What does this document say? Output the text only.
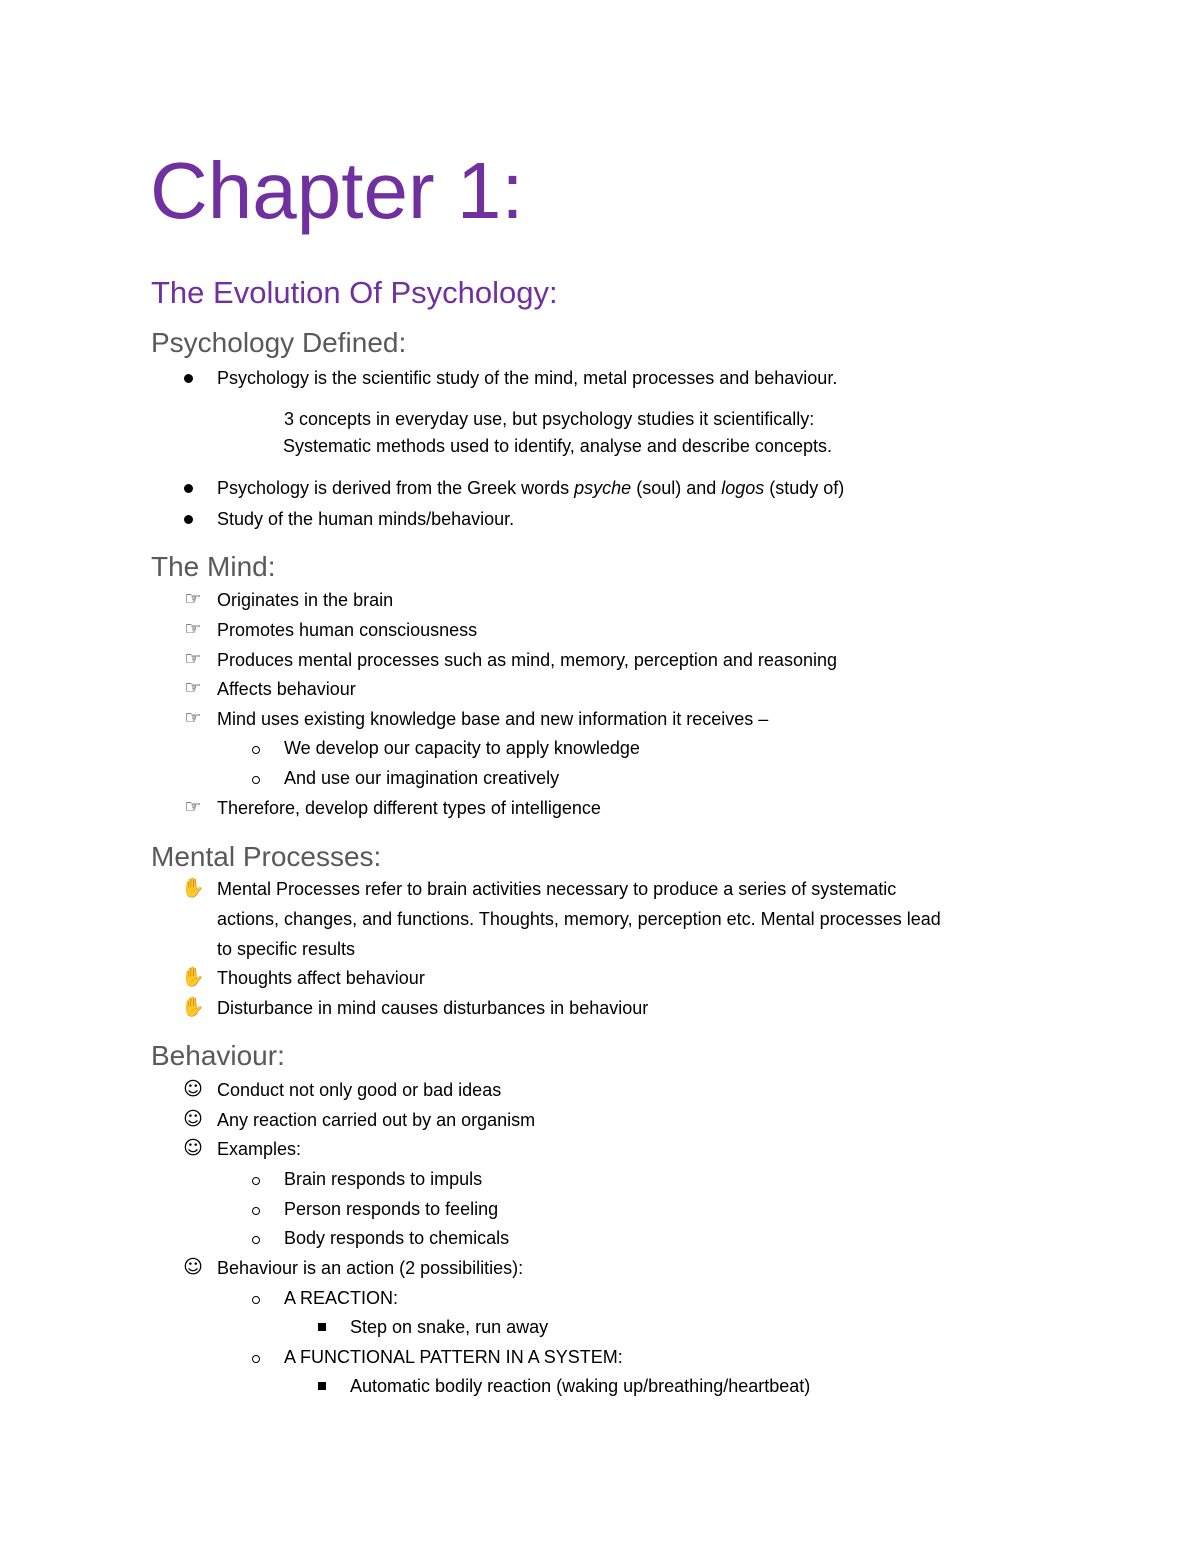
Chapter 1:
The Evolution Of Psychology:
Psychology Defined:

Psychology is the scientific study of the mind, metal processes and behaviour.

3 concepts in everyday use, but psychology studies it scientifically:

Systematic methods used to identify, analyse and describe concepts.

Psychology is derived from the Greek words psyche (soul) and logos (study of)

Study of the human minds/behaviour.

The Mind:
☞ Originates in the brain

☞ Promotes human consciousness

☞ Produces mental processes such as mind, memory, perception and reasoning

☞ Affects behaviour

☞ Mind uses existing knowledge base and new information it receives –

We develop our capacity to apply knowledge

And use our imagination creatively

☞ Therefore, develop different types of intelligence

Mental Processes:
✋ Mental Processes refer to brain activities necessary to produce a series of systematic

actions, changes, and functions. Thoughts, memory, perception etc. Mental processes lead

to specific results

✋ Thoughts affect behaviour

✋ Disturbance in mind causes disturbances in behaviour

Behaviour:
☺ Conduct not only good or bad ideas

☺ Any reaction carried out by an organism

☺ Examples:

Brain responds to impuls

Person responds to feeling

Body responds to chemicals

☺ Behaviour is an action (2 possibilities):

A REACTION:

Step on snake, run away

A FUNCTIONAL PATTERN IN A SYSTEM:

Automatic bodily reaction (waking up/breathing/heartbeat)
